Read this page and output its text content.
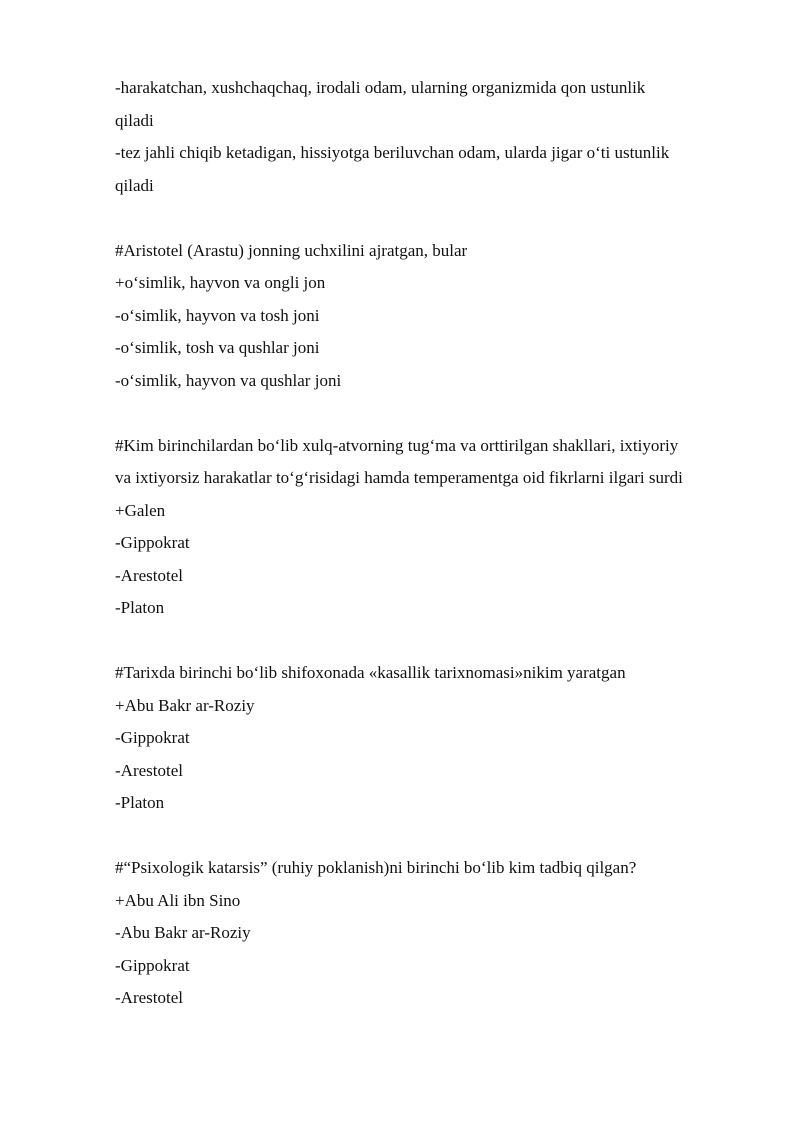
-harakatchan, xushchaqchaq, irodali odam, ularning organizmida qon ustunlik
qiladi
-tez jahli chiqib ketadigan, hissiyotga beriluvchan odam, ularda jigar o‘ti ustunlik
qiladi
#Aristotel (Arastu) jonning uchxilini ajratgan, bular
+o‘simlik, hayvon va ongli jon
-o‘simlik, hayvon va tosh joni
-o‘simlik, tosh va qushlar joni
-o‘simlik, hayvon va qushlar joni
#Kim birinchilardan bo‘lib xulq-atvorning tug‘ma va orttirilgan shakllari, ixtiyoriy
va ixtiyorsiz harakatlar to‘g‘risidagi hamda temperamentga oid fikrlarni ilgari surdi
+Galen
-Gippokrat
-Arestotel
-Platon
#Tarixda birinchi bo‘lib shifoxonada «kasallik tarixnomasi»nikim yaratgan
+Abu Bakr ar-Roziy
-Gippokrat
-Arestotel
-Platon
#“Psixologik katarsis” (ruhiy poklanish)ni birinchi bo‘lib kim tadbiq qilgan?
+Abu Ali ibn Sino
-Abu Bakr ar-Roziy
-Gippokrat
-Arestotel
